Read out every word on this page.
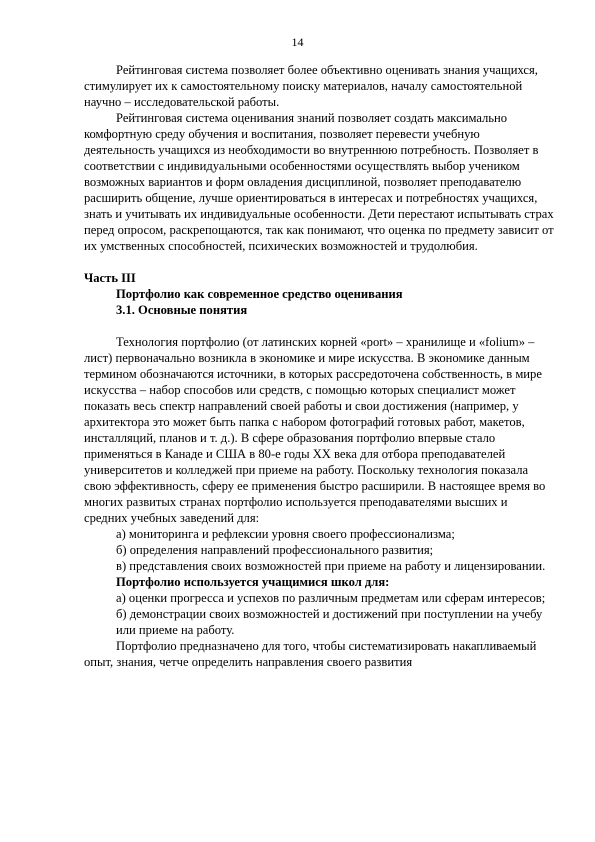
14

Рейтинговая система позволяет более объективно оценивать знания учащихся, стимулирует их к самостоятельному поиску материалов, началу самостоятельной научно – исследовательской работы.

Рейтинговая система оценивания знаний позволяет создать максимально комфортную среду обучения и воспитания, позволяет перевести учебную деятельность учащихся из необходимости во внутреннюю потребность. Позволяет в соответствии с индивидуальными особенностями осуществлять выбор учеником возможных вариантов и форм овладения дисциплиной, позволяет преподавателю расширить общение, лучше ориентироваться в интересах и потребностях учащихся, знать и учитывать их индивидуальные особенности. Дети перестают испытывать страх перед опросом, раскрепощаются, так как понимают, что оценка по предмету зависит от их умственных способностей, психических возможностей и трудолюбия.

Часть III

Портфолио как современное средство оценивания

3.1. Основные понятия

Технология портфолио (от латинских корней «port» – хранилище и «folium» – лист) первоначально возникла в экономике и мире искусства. В экономике данным термином обозначаются источники, в которых рассредоточена собственность, в мире искусства – набор способов или средств, с помощью которых специалист может показать весь спектр направлений своей работы и свои достижения (например, у архитектора это может быть папка с набором фотографий готовых работ, макетов, инсталляций, планов и т. д.). В сфере образования портфолио впервые стало применяться в Канаде и США в 80-е годы XX века для отбора преподавателей университетов и колледжей при приеме на работу. Поскольку технология показала свою эффективность, сферу ее применения быстро расширили. В настоящее время во многих развитых странах портфолио используется преподавателями высших и средних учебных заведений для:

а) мониторинга и рефлексии уровня своего профессионализма;

б) определения направлений профессионального развития;

в) представления своих возможностей при приеме на работу и лицензировании.

Портфолио используется учащимися школ для:

а) оценки прогресса и успехов по различным предметам или сферам интересов;

б) демонстрации своих возможностей и достижений при поступлении на учебу или приеме на работу.

Портфолио предназначено для того, чтобы систематизировать накапливаемый опыт, знания, четче определить направления своего развития
